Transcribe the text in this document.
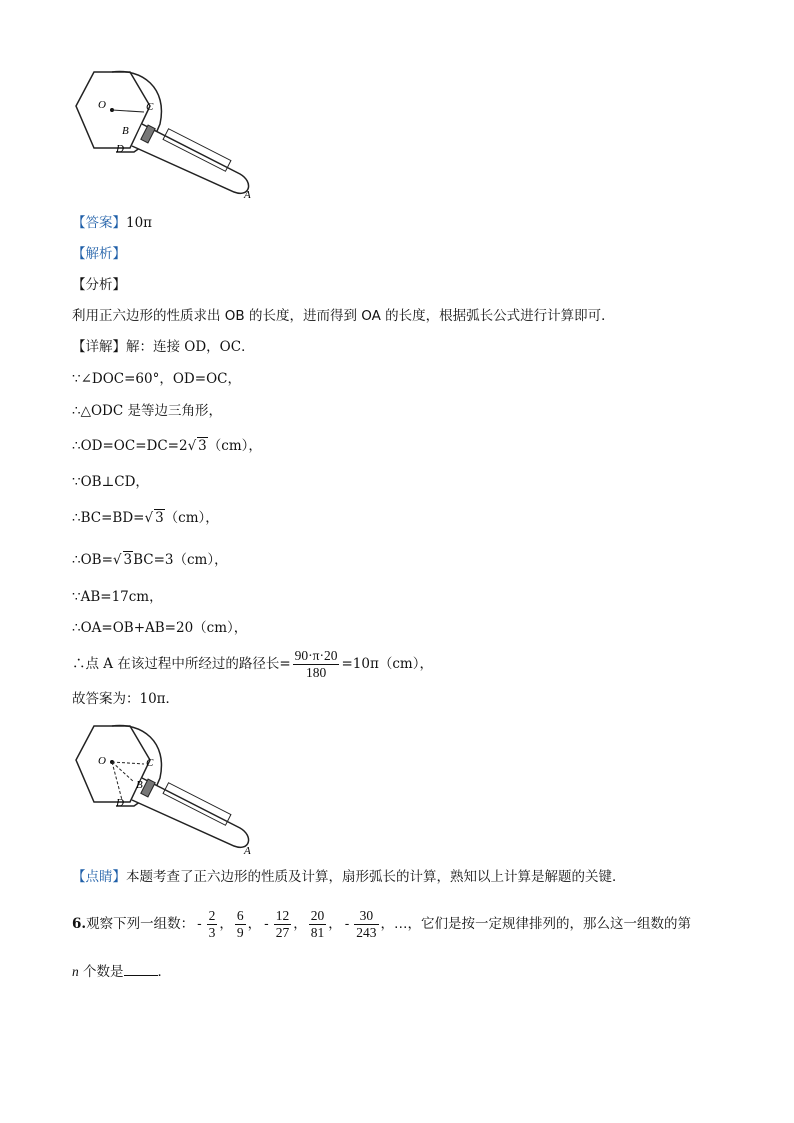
O	C
B
D
A
【答案】10π
【解析】
【分析】
利用正六边形的性质求出 OB 的长度，进而得到 OA 的长度，根据弧长公式进行计算即可．
【详解】解：连接 OD，OC．
∵∠DOC=60°，OD=OC，
∴△ODC 是等边三角形，
∴OD=OC=DC=2√ 3（cm），
∵OB⊥CD，
∴BC=BD=√ 3（cm），
∴OB=√ 3BC=3（cm），
∵AB=17cm，
∴OA=OB+AB=20（cm），
∴点 A 在该过程中所经过的路径长= $\frac{90\cdot\pi\cdot 20}{180} =10\pi(cm)$，
故答案为：10π．
O	C
B
D
A
【点睛】本题考查了正六边形的性质及计算，扇形弧长的计算，熟知以上计算是解题的关键．
6.观察下列一组数： - $\frac{2}{3}$ ， $\frac{6}{9}$ ， - $\frac{12}{27}$ ， $\frac{20}{81}$ ， - $\frac{30}{243}$ ，…，它们是按一定规律排列的，那么这一组数的第
n 个数是	．
